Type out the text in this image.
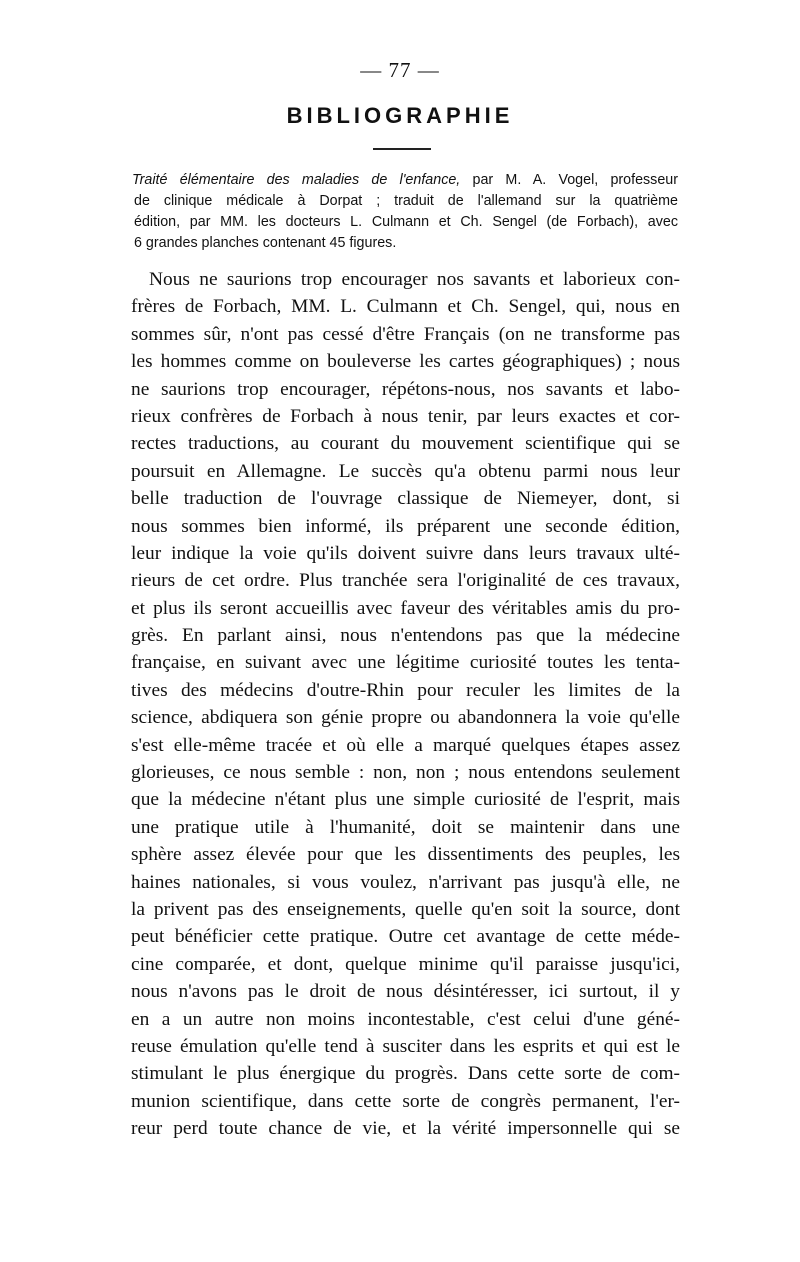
— 77 —
BIBLIOGRAPHIE
Traité élémentaire des maladies de l'enfance, par M. A. Vogel, professeur
de clinique médicale à Dorpat ; traduit de l'allemand sur la quatrième
édition, par MM. les docteurs L. Culmann et Ch. Sengel (de Forbach), avec
6 grandes planches contenant 45 figures.
Nous ne saurions trop encourager nos savants et laborieux con-
frères de Forbach, MM. L. Culmann et Ch. Sengel, qui, nous en
sommes sûr, n'ont pas cessé d'être Français (on ne transforme pas
les hommes comme on bouleverse les cartes géographiques) ; nous
ne saurions trop encourager, répétons-nous, nos savants et labo-
rieux confrères de Forbach à nous tenir, par leurs exactes et cor-
rectes traductions, au courant du mouvement scientifique qui se
poursuit en Allemagne. Le succès qu'a obtenu parmi nous leur
belle traduction de l'ouvrage classique de Niemeyer, dont, si
nous sommes bien informé, ils préparent une seconde édition,
leur indique la voie qu'ils doivent suivre dans leurs travaux ulté-
rieurs de cet ordre. Plus tranchée sera l'originalité de ces travaux,
et plus ils seront accueillis avec faveur des véritables amis du pro-
grès. En parlant ainsi, nous n'entendons pas que la médecine
française, en suivant avec une légitime curiosité toutes les tenta-
tives des médecins d'outre-Rhin pour reculer les limites de la
science, abdiquera son génie propre ou abandonnera la voie qu'elle
s'est elle-même tracée et où elle a marqué quelques étapes assez
glorieuses, ce nous semble : non, non ; nous entendons seulement
que la médecine n'étant plus une simple curiosité de l'esprit, mais
une pratique utile à l'humanité, doit se maintenir dans une
sphère assez élevée pour que les dissentiments des peuples, les
haines nationales, si vous voulez, n'arrivant pas jusqu'à elle, ne
la privent pas des enseignements, quelle qu'en soit la source, dont
peut bénéficier cette pratique. Outre cet avantage de cette méde-
cine comparée, et dont, quelque minime qu'il paraisse jusqu'ici,
nous n'avons pas le droit de nous désintéresser, ici surtout, il y
en a un autre non moins incontestable, c'est celui d'une géné-
reuse émulation qu'elle tend à susciter dans les esprits et qui est le
stimulant le plus énergique du progrès. Dans cette sorte de com-
munion scientifique, dans cette sorte de congrès permanent, l'er-
reur perd toute chance de vie, et la vérité impersonnelle qui se
